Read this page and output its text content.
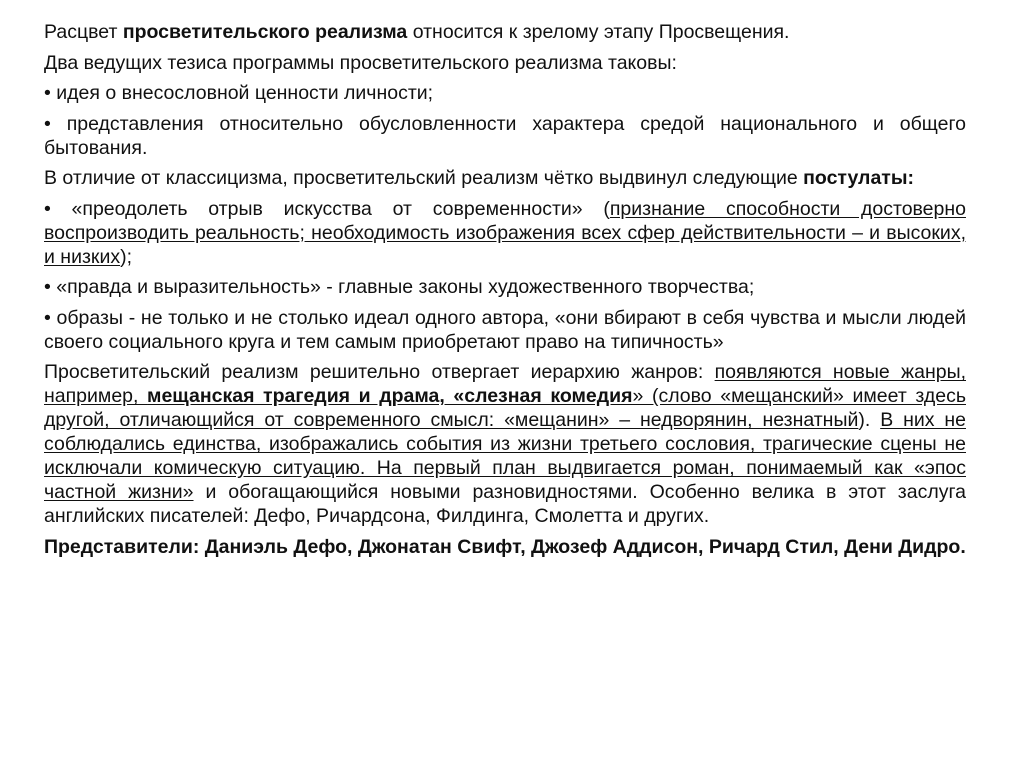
Расцвет просветительского реализма относится к зрелому этапу Просвещения.

Два ведущих тезиса программы просветительского реализма таковы:

• идея о внесословной ценности личности;

• представления относительно обусловленности характера средой национального и общего бытования.

В отличие от классицизма, просветительский реализм чётко выдвинул следующие постулаты:

• «преодолеть отрыв искусства от современности» (признание способности достоверно воспроизводить реальность; необходимость изображения всех сфер действительности – и высоких, и низких);

• «правда и выразительность» - главные законы художественного творчества;

• образы - не только и не столько идеал одного автора, «они вбирают в себя чувства и мысли людей своего социального круга и тем самым приобретают право на типичность»

Просветительский реализм решительно отвергает иерархию жанров: появляются новые жанры, например, мещанская трагедия и драма, «слезная комедия» (слово «мещанский» имеет здесь другой, отличающийся от современного смысл: «мещанин» – недворянин, незнатный). В них не соблюдались единства, изображались события из жизни третьего сословия, трагические сцены не исключали комическую ситуацию. На первый план выдвигается роман, понимаемый как «эпос частной жизни» и обогащающийся новыми разновидностями. Особенно велика в этот заслуга английских писателей: Дефо, Ричардсона, Филдинга, Смолетта и других.

Представители: Даниэль Дефо, Джонатан Свифт, Джозеф Аддисон, Ричард Стил, Дени Дидро.
